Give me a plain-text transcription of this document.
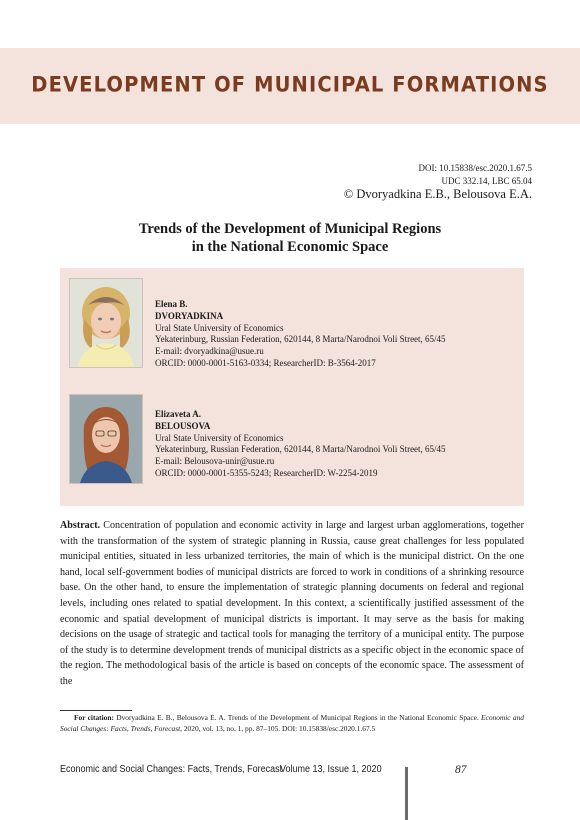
DEVELOPMENT OF MUNICIPAL FORMATIONS
DOI: 10.15838/esc.2020.1.67.5
UDC 332.14, LBC 65.04
© Dvoryadkina E.B., Belousova E.A.
Trends of the Development of Municipal Regions
in the National Economic Space
Elena B.
DVORYADKINA
Ural State University of Economics
Yekaterinburg, Russian Federation, 620144, 8 Marta/Narodnoi Voli Street, 65/45
E-mail: dvoryadkina@usue.ru
ORCID: 0000-0001-5163-0334; ResearcherID: B-3564-2017
Elizaveta A.
BELOUSOVA
Ural State University of Economics
Yekaterinburg, Russian Federation, 620144, 8 Marta/Narodnoi Voli Street, 65/45
E-mail: Belousova-unir@usue.ru
ORCID: 0000-0001-5355-5243; ResearcherID: W-2254-2019
Abstract. Concentration of population and economic activity in large and largest urban agglomerations, together with the transformation of the system of strategic planning in Russia, cause great challenges for less populated municipal entities, situated in less urbanized territories, the main of which is the municipal district. On the one hand, local self-government bodies of municipal districts are forced to work in conditions of a shrinking resource base. On the other hand, to ensure the implementation of strategic planning documents on federal and regional levels, including ones related to spatial development. In this context, a scientifically justified assessment of the economic and spatial development of municipal districts is important. It may serve as the basis for making decisions on the usage of strategic and tactical tools for managing the territory of a municipal entity. The purpose of the study is to determine development trends of municipal districts as a specific object in the economic space of the region. The methodological basis of the article is based on concepts of the economic space. The assessment of the
For citation: Dvoryadkina E. B., Belousova E. A. Trends of the Development of Municipal Regions in the National Economic Space. Economic and Social Changes: Facts, Trends, Forecast, 2020, vol. 13, no. 1, pp. 87–105. DOI: 10.15838/esc.2020.1.67.5
Economic and Social Changes: Facts, Trends, Forecast
Volume 13, Issue 1, 2020	87
